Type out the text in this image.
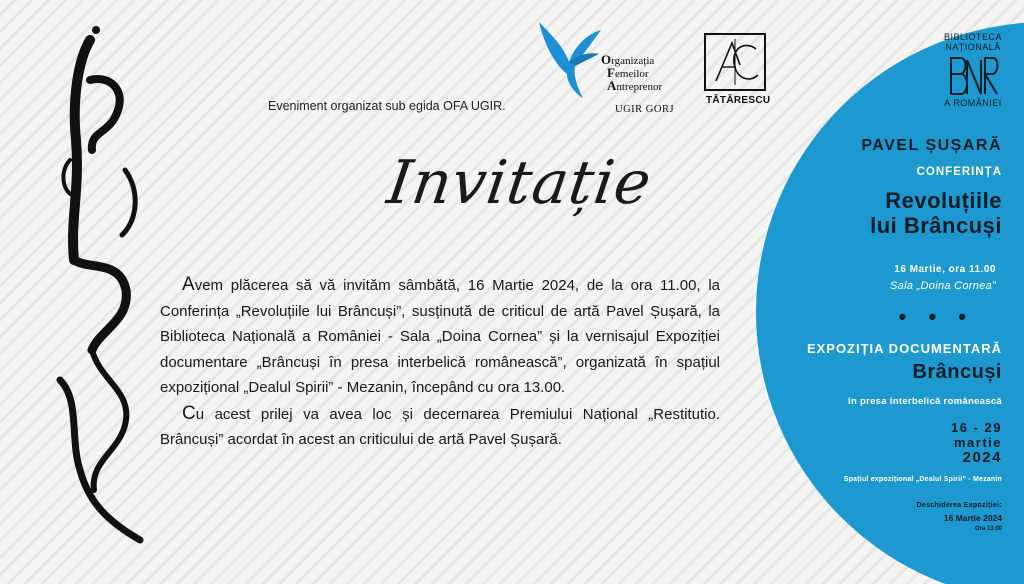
Eveniment organizat sub egida OFA UGIR.
Organizația
Femeilor
Antreprenor
UGIR GORJ
TĂTĂRESCU
Invitație

Avem plăcerea să vă invităm sâmbătă, 16 Martie 2024, de la ora 11.00, la Conferința „Revoluțiile lui Brâncuși”, susținută de criticul de artă Pavel Șușară, la Biblioteca Națională a României - Sala „Doina Cornea” și la vernisajul Expoziției documentare „Brâncuși în presa interbelică românească”, organizată în spațiul expozițional „Dealul Spirii” - Mezanin, începând cu ora 13.00.

Cu acest prilej va avea loc și decernarea Premiului Național „Restitutio. Brâncuși” acordat în acest an criticului de artă Pavel Șușară.

BIBLIOTECA
NAȚIONALĂ
A ROMÂNIEI
PAVEL ȘUȘARĂ
CONFERINȚA
Revoluțiile
lui Brâncuși
16 Martie, ora 11.00
Sala „Doina Cornea”
• • •
EXPOZIȚIA DOCUMENTARĂ
Brâncuși
în presa interbelică românească
16 - 29
martie
2024
Spațiul expozițional „Dealul Spirii” - Mezanin
Deschiderea Expoziției:
16 Martie 2024
Ora 13.00
